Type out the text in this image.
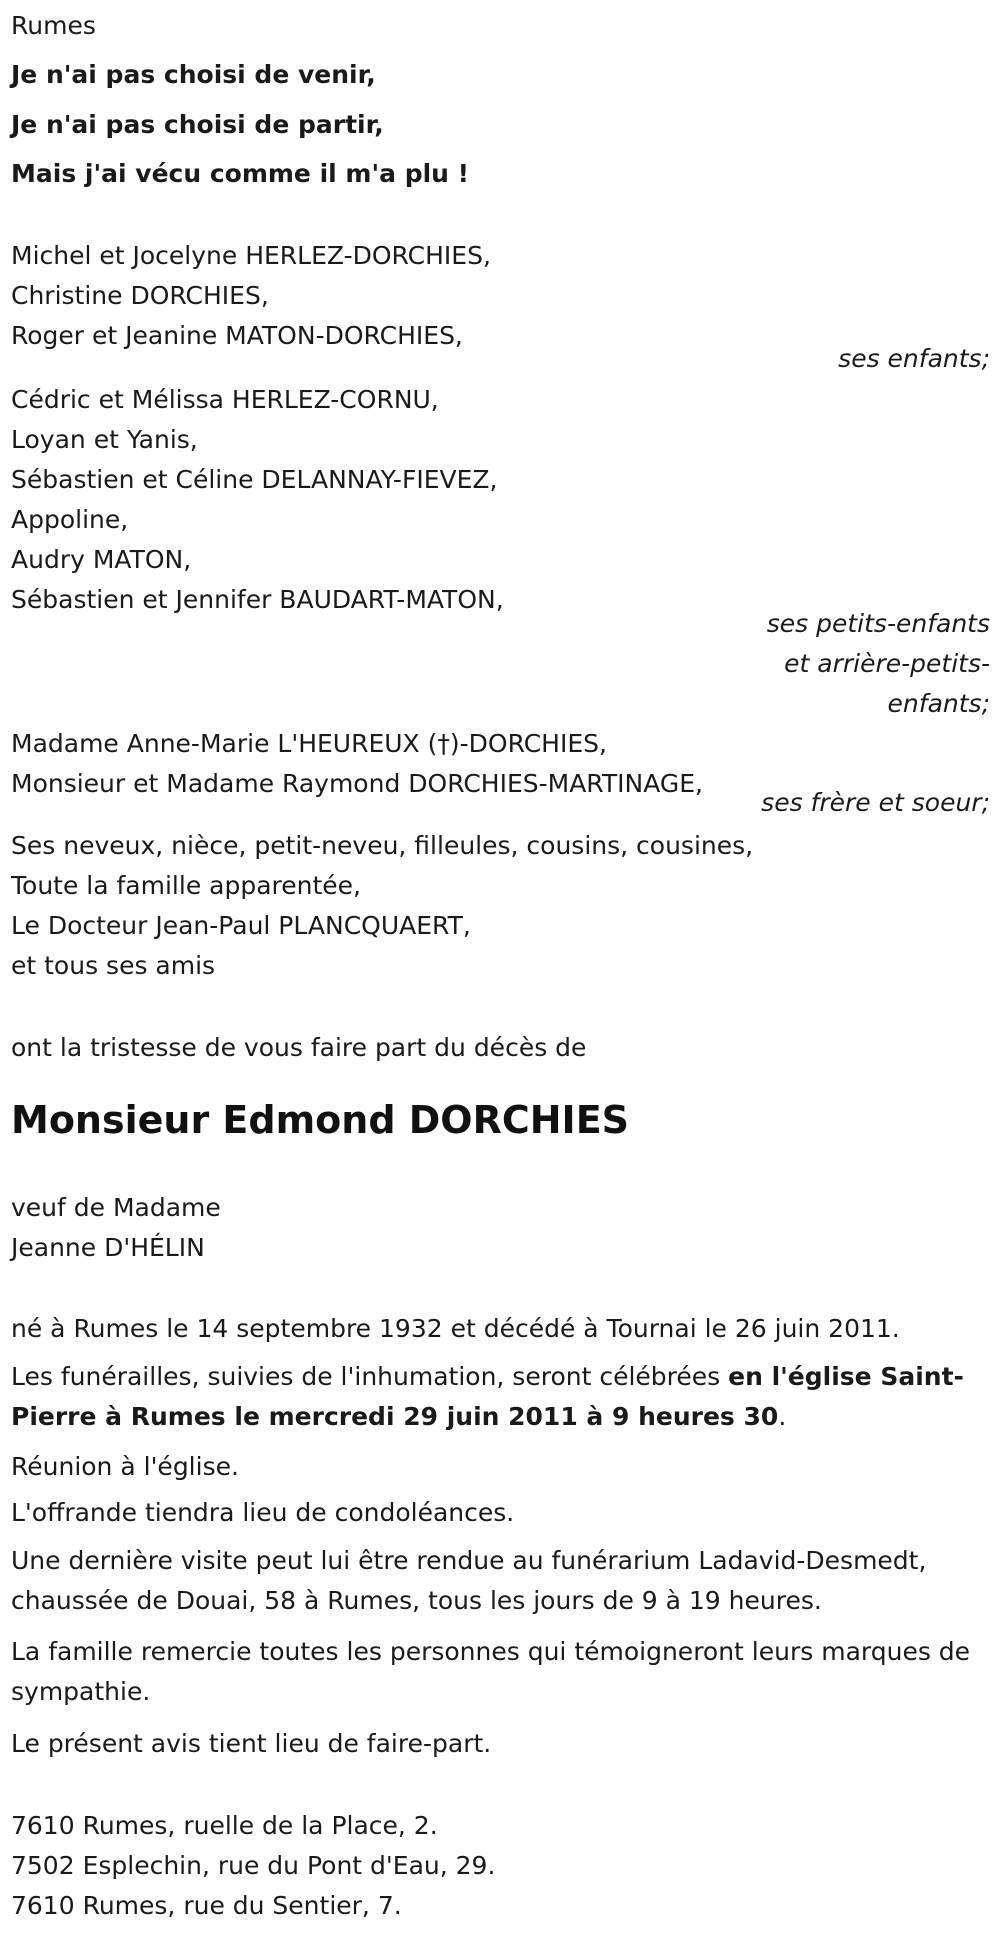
Rumes
Je n'ai pas choisi de venir,
Je n'ai pas choisi de partir,
Mais j'ai vécu comme il m'a plu !
Michel et Jocelyne HERLEZ-DORCHIES,
Christine DORCHIES,
Roger et Jeanine MATON-DORCHIES,
ses enfants;
Cédric et Mélissa HERLEZ-CORNU,
Loyan et Yanis,
Sébastien et Céline DELANNAY-FIEVEZ,
Appoline,
Audry MATON,
Sébastien et Jennifer BAUDART-MATON,
ses petits-enfants
et arrière-petits-
enfants;
Madame Anne-Marie L'HEUREUX (†)-DORCHIES,
Monsieur et Madame Raymond DORCHIES-MARTINAGE,
ses frère et soeur;
Ses neveux, nièce, petit-neveu, filleules, cousins, cousines,
Toute la famille apparentée,
Le Docteur Jean-Paul PLANCQUAERT,
et tous ses amis
ont la tristesse de vous faire part du décès de
Monsieur Edmond DORCHIES
veuf de Madame
Jeanne D'HÉLIN
né à Rumes le 14 septembre 1932 et décédé à Tournai le 26 juin 2011.
Les funérailles, suivies de l'inhumation, seront célébrées en l'église Saint-Pierre à Rumes le mercredi 29 juin 2011 à 9 heures 30.
Réunion à l'église.
L'offrande tiendra lieu de condoléances.
Une dernière visite peut lui être rendue au funérarium Ladavid-Desmedt, chaussée de Douai, 58 à Rumes, tous les jours de 9 à 19 heures.
La famille remercie toutes les personnes qui témoigneront leurs marques de sympathie.
Le présent avis tient lieu de faire-part.
7610 Rumes, ruelle de la Place, 2.
7502 Esplechin, rue du Pont d'Eau, 29.
7610 Rumes, rue du Sentier, 7.
